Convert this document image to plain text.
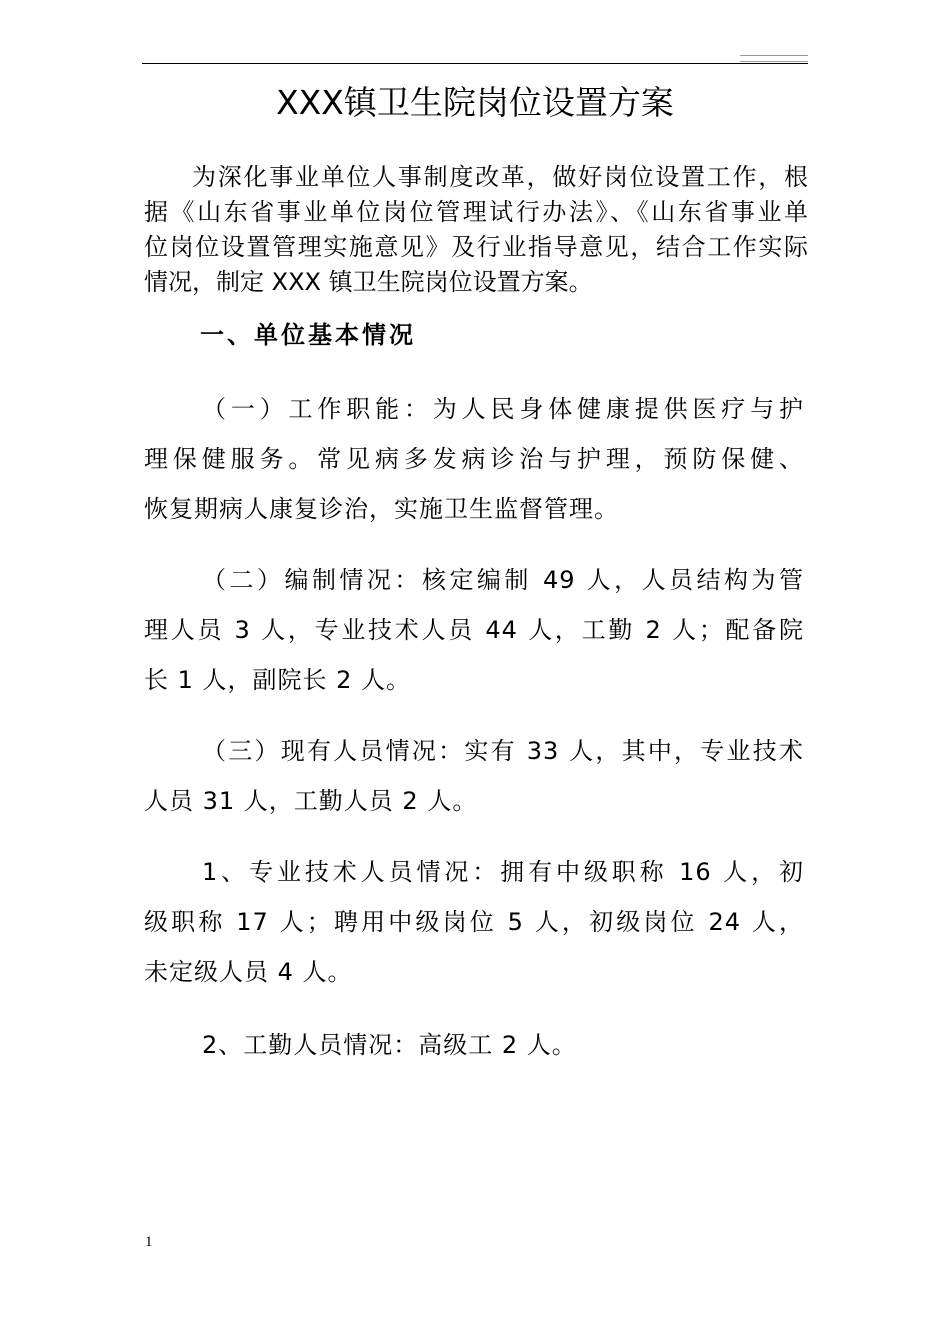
XXX镇卫生院岗位设置方案

为深化事业单位人事制度改革，做好岗位设置工作，根
据《山东省事业单位岗位管理试行办法》、《山东省事业单
位岗位设置管理实施意见》及行业指导意见，结合工作实际
情况，制定 XXX 镇卫生院岗位设置方案。

一、单位基本情况

（一）工作职能：为人民身体健康提供医疗与护
理保健服务。常见病多发病诊治与护理，预防保健、
恢复期病人康复诊治，实施卫生监督管理。

（二）编制情况：核定编制 49 人，人员结构为管
理人员 3 人，专业技术人员 44 人，工勤 2 人；配备院
长 1 人，副院长 2 人。

（三）现有人员情况：实有 33 人，其中，专业技术
人员 31 人，工勤人员 2 人。

1、专业技术人员情况：拥有中级职称 16 人，初
级职称 17 人；聘用中级岗位 5 人，初级岗位 24 人，
未定级人员 4 人。

2、工勤人员情况：高级工 2 人。

1
